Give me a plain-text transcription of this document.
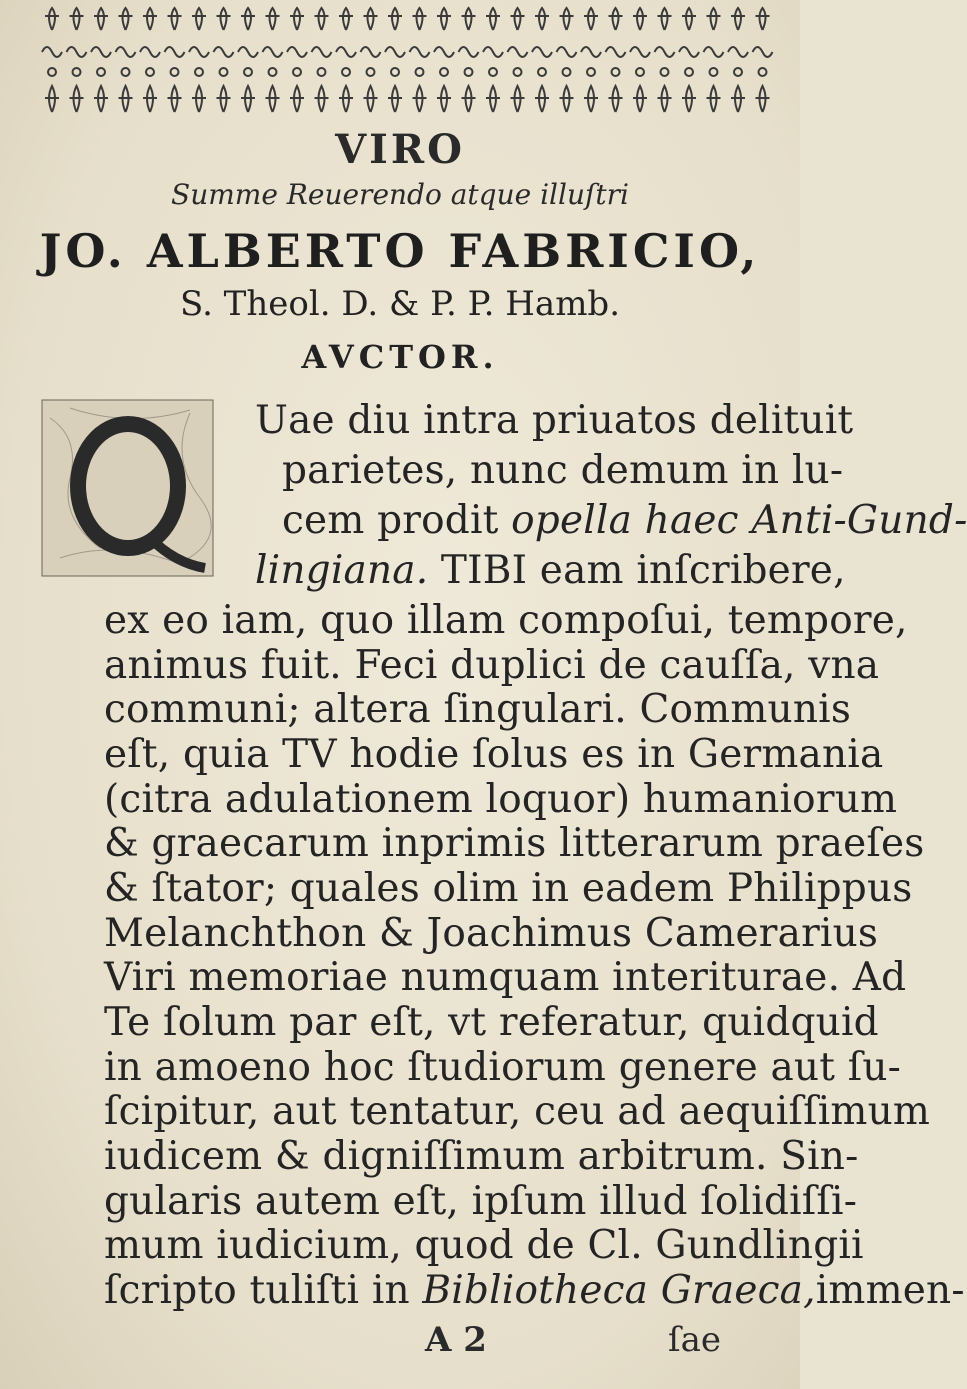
VIRO
Summe Reuerendo atque illuſtri
JO. ALBERTO FABRICIO,
S. Theol. D. & P. P. Hamb.
AVCTOR.
Uae diu intra priuatos delituit
parietes, nunc demum in lu-
cem prodit opella haec Anti-Gund-
lingiana. TIBI eam inſcribere,
ex eo iam, quo illam compoſui, tempore,
animus fuit. Feci duplici de cauſſa, vna
communi; altera ſingulari. Communis
eſt, quia TV hodie ſolus es in Germania
(citra adulationem loquor) humaniorum
& graecarum inprimis litterarum praeſes
& ſtator; quales olim in eadem Philippus
Melanchthon & Joachimus Camerarius
Viri memoriae numquam interiturae. Ad
Te ſolum par eſt, vt referatur, quidquid
in amoeno hoc ſtudiorum genere aut ſu-
ſcipitur, aut tentatur, ceu ad aequiſſimum
iudicem & digniſſimum arbitrum. Sin-
gularis autem eſt, ipſum illud ſolidiſſi-
mum iudicium, quod de Cl. Gundlingii
ſcripto tuliſti in Bibliotheca Graeca,immen-
A 2	ſae
